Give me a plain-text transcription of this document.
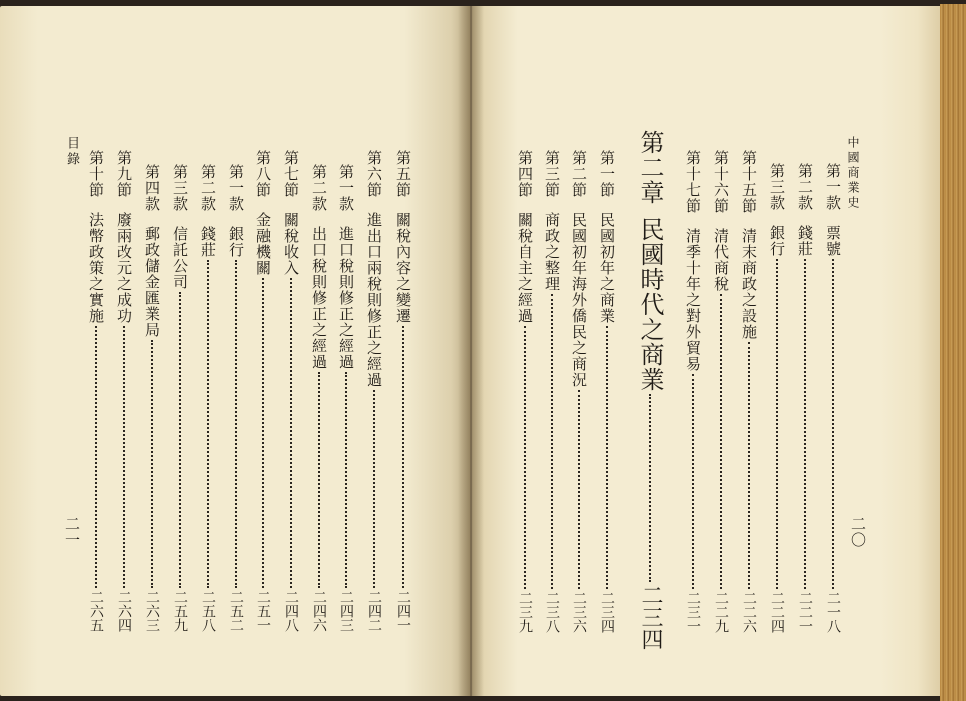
目錄
二一
第五節
關稅內容之變遷
二四一
第六節
進出口兩稅則修正之經過
二四二
第一款
進口稅則修正之經過
二四三
第二款
出口稅則修正之經過
二四六
第七節
關稅收入
二四八
第八節
金融機關
二五一
第一款
銀行
二五二
第二款
錢莊
二五八
第三款
信託公司
二五九
第四款
郵政儲金匯業局
二六三
第九節
廢兩改元之成功
二六四
第十節
法幣政策之實施
二六五
中國商業史
二〇
第一款
票號
二一八
第二款
錢莊
二二一
第三款
銀行
二二四
第十五節
清末商政之設施
二二六
第十六節
清代商稅
二二九
第十七節
清季十年之對外貿易
二三一
第二章
民國時代之商業
二三四
第一節
民國初年之商業
二三四
第二節
民國初年海外僑民之商況
二三六
第三節
商政之整理
二三八
第四節
關稅自主之經過
二三九
